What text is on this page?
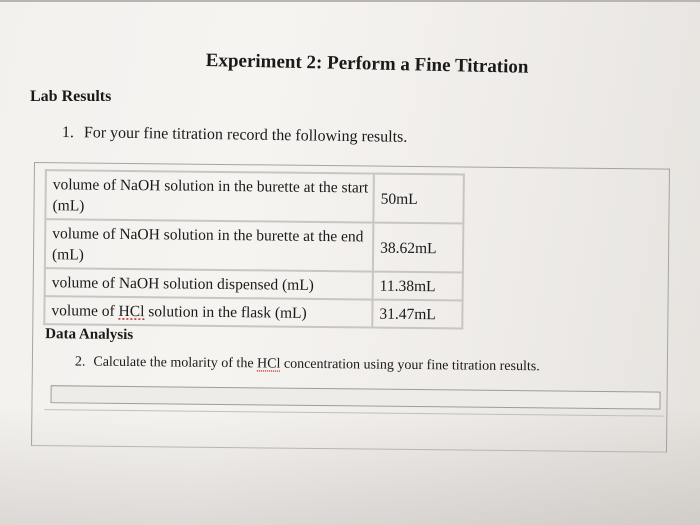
Experiment 2: Perform a Fine Titration
Lab Results
1. For your fine titration record the following results.
volume of NaOH solution in the burette at the start (mL)	50mL
volume of NaOH solution in the burette at the end (mL)	38.62mL
volume of NaOH solution dispensed (mL)	11.38mL
volume of HCl solution in the flask (mL)	31.47mL
Data Analysis
2. Calculate the molarity of the HCl concentration using your fine titration results.
